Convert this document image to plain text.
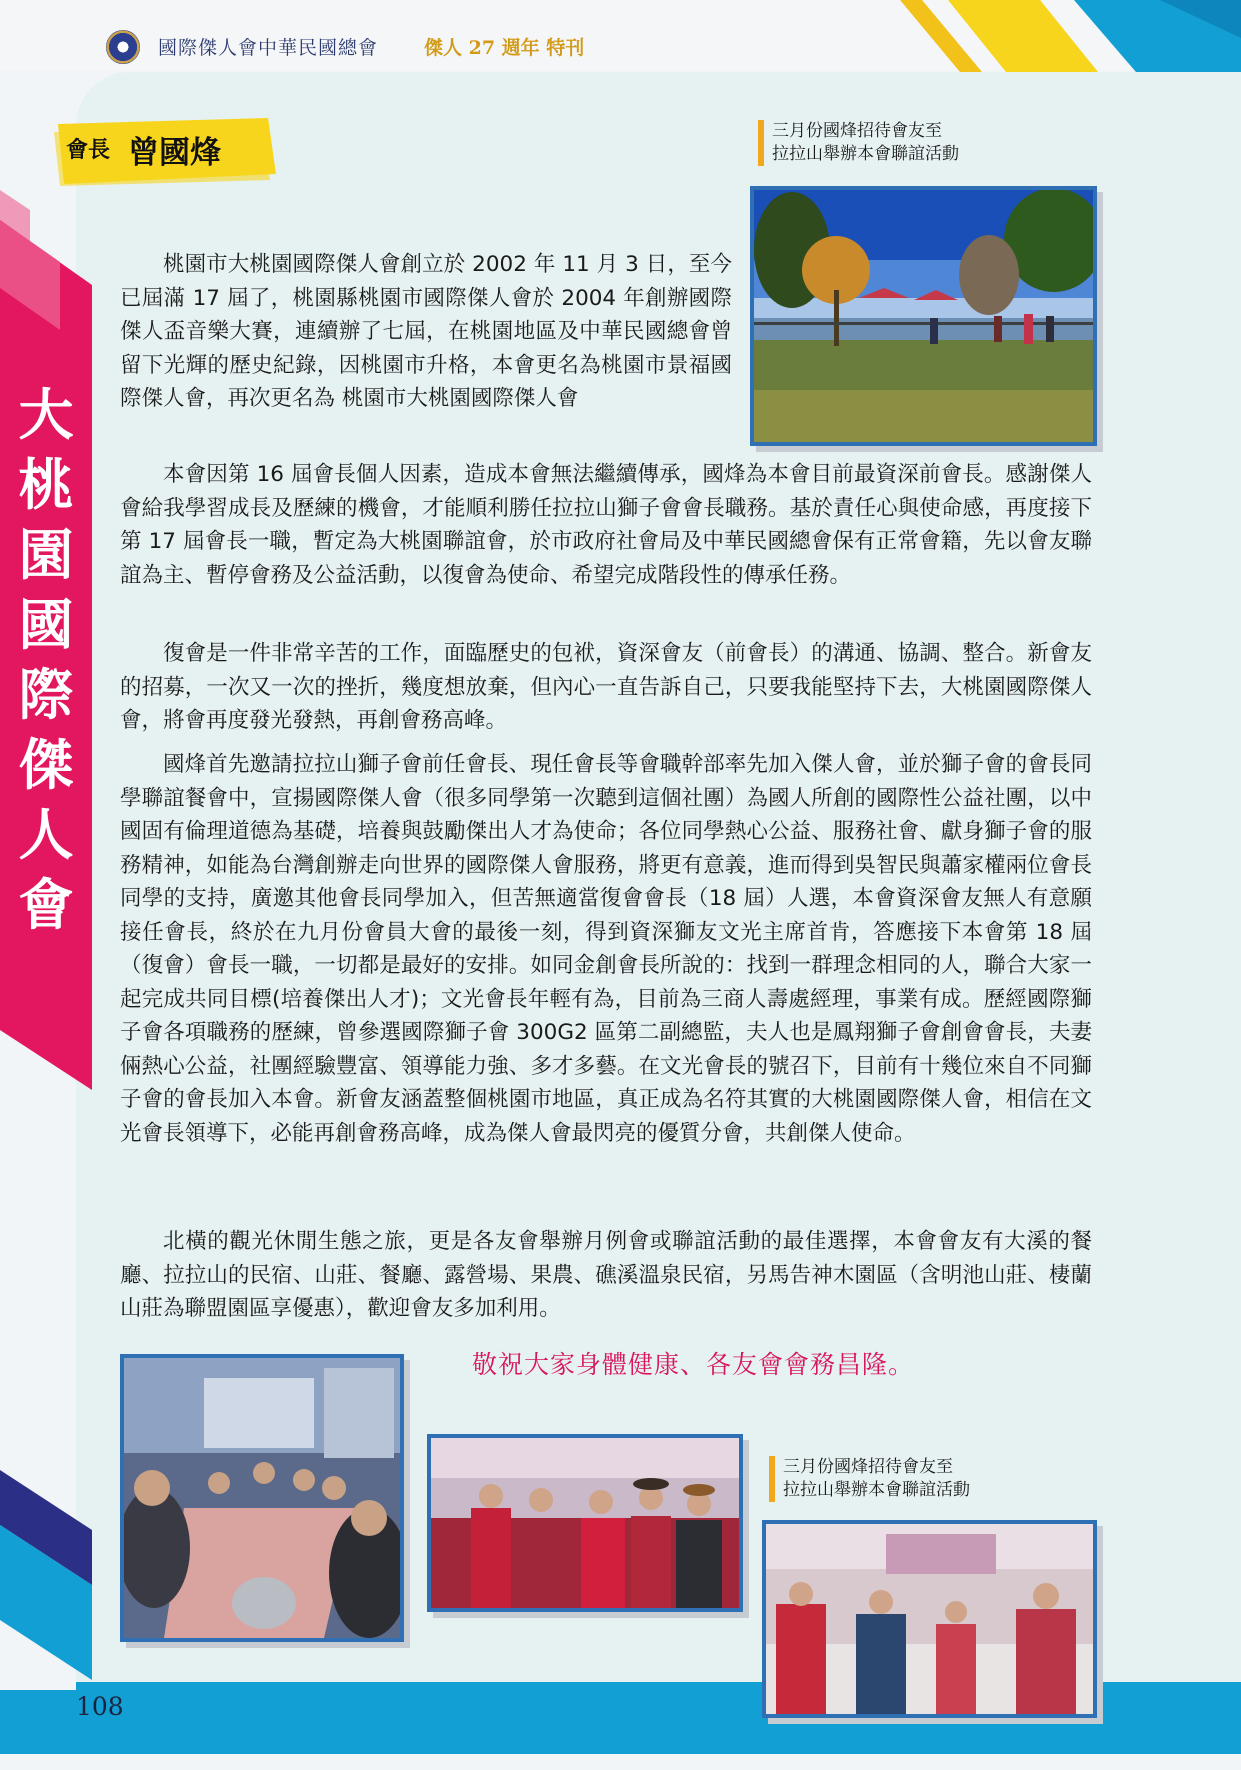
國際傑人會中華民國總會 傑人 27 週年 特刊
108
大桃園國際傑人會
會長 曾國烽
三月份國烽招待會友至
拉拉山舉辦本會聯誼活動
桃園市大桃園國際傑人會創立於 2002 年 11 月 3 日，至今已屆滿 17 屆了，桃園縣桃園市國際傑人會於 2004 年創辦國際傑人盃音樂大賽，連續辦了七屆，在桃園地區及中華民國總會曾留下光輝的歷史紀錄，因桃園市升格，本會更名為桃園市景福國際傑人會，再次更名為 桃園市大桃園國際傑人會
本會因第 16 屆會長個人因素，造成本會無法繼續傳承，國烽為本會目前最資深前會長。感謝傑人會給我學習成長及歷練的機會，才能順利勝任拉拉山獅子會會長職務。基於責任心與使命感，再度接下第 17 屆會長一職，暫定為大桃園聯誼會，於市政府社會局及中華民國總會保有正常會籍，先以會友聯誼為主、暫停會務及公益活動，以復會為使命、希望完成階段性的傳承任務。
復會是一件非常辛苦的工作，面臨歷史的包袱，資深會友（前會長）的溝通、協調、整合。新會友的招募，一次又一次的挫折，幾度想放棄，但內心一直告訴自己，只要我能堅持下去，大桃園國際傑人會，將會再度發光發熱，再創會務高峰。
國烽首先邀請拉拉山獅子會前任會長、現任會長等會職幹部率先加入傑人會，並於獅子會的會長同學聯誼餐會中，宣揚國際傑人會（很多同學第一次聽到這個社團）為國人所創的國際性公益社團，以中國固有倫理道德為基礎，培養與鼓勵傑出人才為使命；各位同學熱心公益、服務社會、獻身獅子會的服務精神，如能為台灣創辦走向世界的國際傑人會服務，將更有意義，進而得到吳智民與蕭家權兩位會長同學的支持，廣邀其他會長同學加入，但苦無適當復會會長（18 屆）人選，本會資深會友無人有意願接任會長，終於在九月份會員大會的最後一刻，得到資深獅友文光主席首肯，答應接下本會第 18 屆（復會）會長一職，一切都是最好的安排。如同金創會長所說的：找到一群理念相同的人，聯合大家一起完成共同目標(培養傑出人才)；文光會長年輕有為，目前為三商人壽處經理，事業有成。歷經國際獅子會各項職務的歷練，曾參選國際獅子會 300G2 區第二副總監，夫人也是鳳翔獅子會創會會長，夫妻倆熱心公益，社團經驗豐富、領導能力強、多才多藝。在文光會長的號召下，目前有十幾位來自不同獅子會的會長加入本會。新會友涵蓋整個桃園市地區，真正成為名符其實的大桃園國際傑人會，相信在文光會長領導下，必能再創會務高峰，成為傑人會最閃亮的優質分會，共創傑人使命。
北橫的觀光休閒生態之旅，更是各友會舉辦月例會或聯誼活動的最佳選擇，本會會友有大溪的餐廳、拉拉山的民宿、山莊、餐廳、露營場、果農、礁溪溫泉民宿，另馬告神木園區（含明池山莊、棲蘭山莊為聯盟園區享優惠），歡迎會友多加利用。
敬祝大家身體健康、各友會會務昌隆。
三月份國烽招待會友至
拉拉山舉辦本會聯誼活動
